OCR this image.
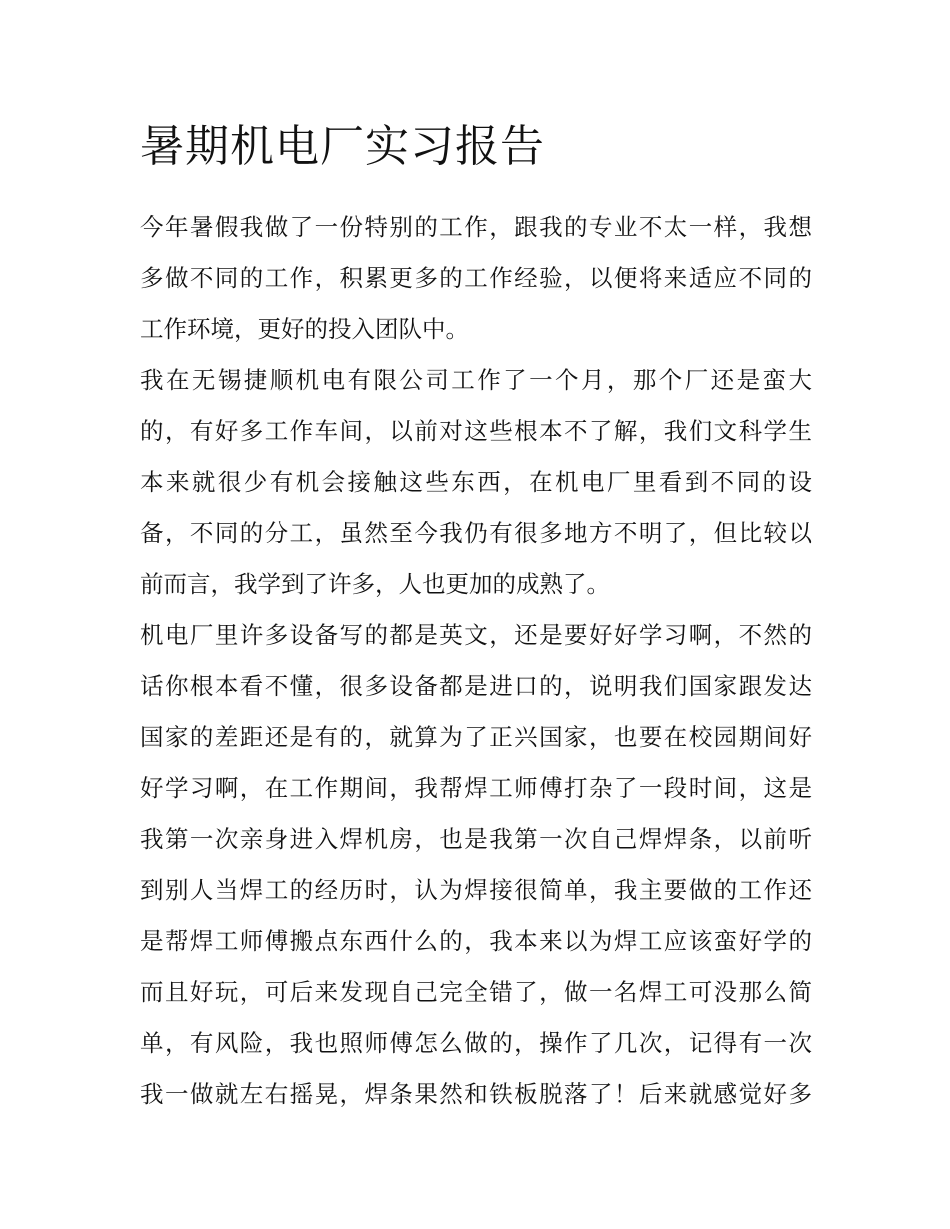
暑期机电厂实习报告

今年暑假我做了一份特别的工作，跟我的专业不太一样，我想
多做不同的工作，积累更多的工作经验，以便将来适应不同的
工作环境，更好的投入团队中。

我在无锡捷顺机电有限公司工作了一个月，那个厂还是蛮大
的，有好多工作车间，以前对这些根本不了解，我们文科学生
本来就很少有机会接触这些东西，在机电厂里看到不同的设
备，不同的分工，虽然至今我仍有很多地方不明了，但比较以
前而言，我学到了许多，人也更加的成熟了。

机电厂里许多设备写的都是英文，还是要好好学习啊，不然的
话你根本看不懂，很多设备都是进口的，说明我们国家跟发达
国家的差距还是有的，就算为了正兴国家，也要在校园期间好
好学习啊，在工作期间，我帮焊工师傅打杂了一段时间，这是
我第一次亲身进入焊机房，也是我第一次自己焊焊条，以前听
到别人当焊工的经历时，认为焊接很简单，我主要做的工作还
是帮焊工师傅搬点东西什么的，我本来以为焊工应该蛮好学的
而且好玩，可后来发现自己完全错了，做一名焊工可没那么简
单，有风险，我也照师傅怎么做的，操作了几次，记得有一次
我一做就左右摇晃，焊条果然和铁板脱落了！后来就感觉好多
